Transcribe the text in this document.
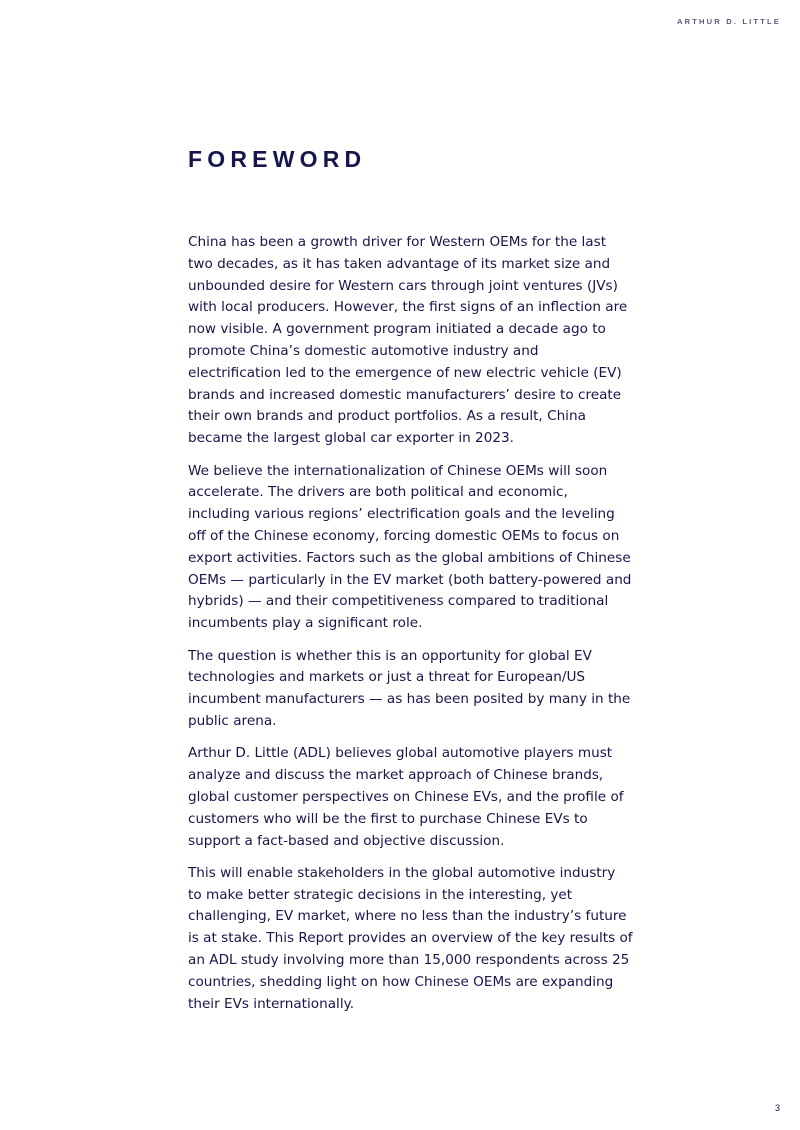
ARTHUR D. LITTLE
FOREWORD

China has been a growth driver for Western OEMs for the last two decades, as it has taken advantage of its market size and unbounded desire for Western cars through joint ventures (JVs) with local producers. However, the first signs of an inflection are now visible. A government program initiated a decade ago to promote China’s domestic automotive industry and electrification led to the emergence of new electric vehicle (EV) brands and increased domestic manufacturers’ desire to create their own brands and product portfolios. As a result, China became the largest global car exporter in 2023.

We believe the internationalization of Chinese OEMs will soon accelerate. The drivers are both political and economic, including various regions’ electrification goals and the leveling off of the Chinese economy, forcing domestic OEMs to focus on export activities. Factors such as the global ambitions of Chinese OEMs — particularly in the EV market (both battery-powered and hybrids) — and their competitiveness compared to traditional incumbents play a significant role.

The question is whether this is an opportunity for global EV technologies and markets or just a threat for European/US incumbent manufacturers — as has been posited by many in the public arena.

Arthur D. Little (ADL) believes global automotive players must analyze and discuss the market approach of Chinese brands, global customer perspectives on Chinese EVs, and the profile of customers who will be the first to purchase Chinese EVs to support a fact-based and objective discussion.

This will enable stakeholders in the global automotive industry to make better strategic decisions in the interesting, yet challenging, EV market, where no less than the industry’s future is at stake. This Report provides an overview of the key results of an ADL study involving more than 15,000 respondents across 25 countries, shedding light on how Chinese OEMs are expanding their EVs internationally.

3
